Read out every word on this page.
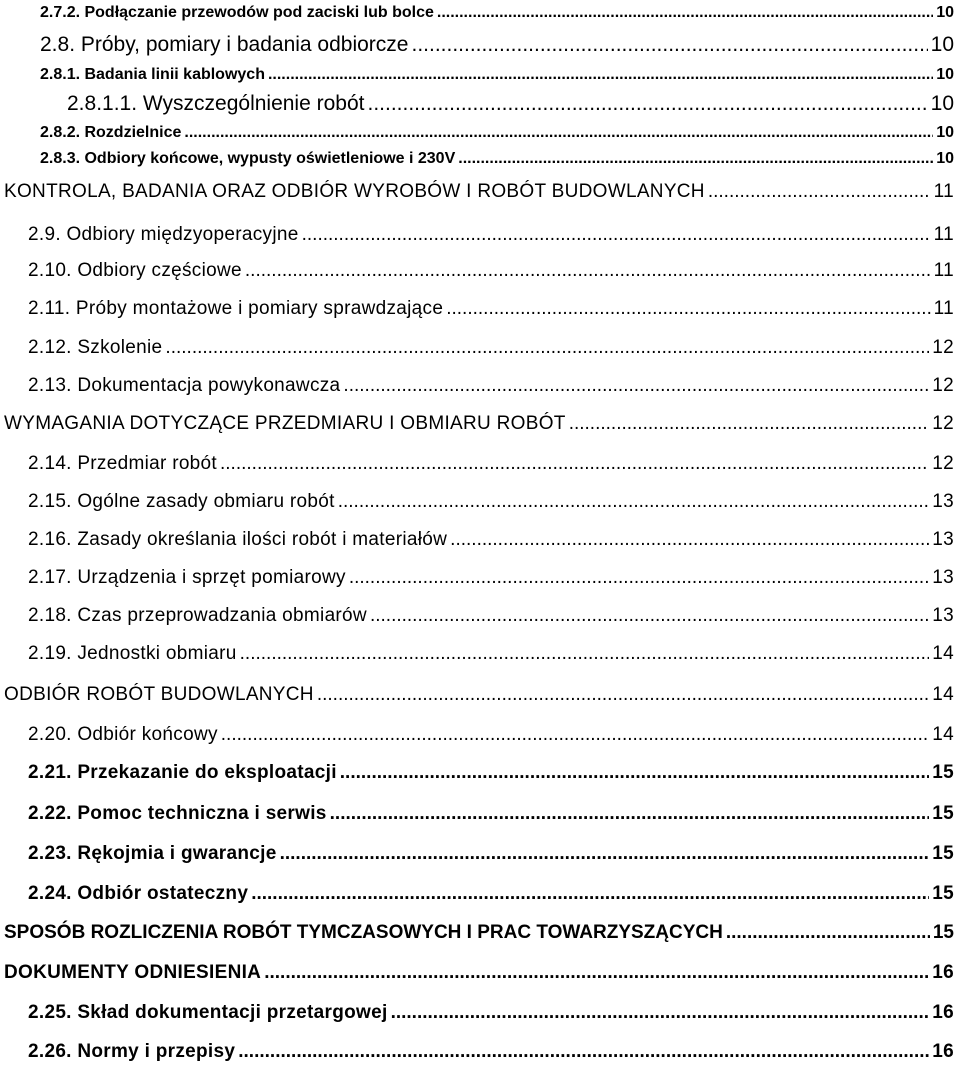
2.7.2. Podłączanie przewodów pod zaciski lub bolce .....	10
2.8. Próby, pomiary i badania odbiorcze .....	10
2.8.1. Badania linii kablowych .....	10
2.8.1.1. Wyszczególnienie robót .....	10
2.8.2. Rozdzielnice .....	10
2.8.3. Odbiory końcowe, wypusty oświetleniowe i 230V .....	10
KONTROLA, BADANIA ORAZ ODBIÓR WYROBÓW I ROBÓT BUDOWLANYCH .....	11
2.9. Odbiory międzyoperacyjne .....	11
2.10. Odbiory częściowe .....	11
2.11. Próby montażowe i pomiary sprawdzające .....	11
2.12. Szkolenie .....	12
2.13. Dokumentacja powykonawcza .....	12
WYMAGANIA DOTYCZĄCE PRZEDMIARU I OBMIARU ROBÓT .....	12
2.14. Przedmiar robót .....	12
2.15. Ogólne zasady obmiaru robót .....	13
2.16. Zasady określania ilości robót i materiałów .....	13
2.17. Urządzenia i sprzęt pomiarowy .....	13
2.18. Czas przeprowadzania obmiarów .....	13
2.19. Jednostki obmiaru .....	14
ODBIÓR ROBÓT BUDOWLANYCH .....	14
2.20. Odbiór końcowy .....	14
2.21. Przekazanie do eksploatacji .....	15
2.22. Pomoc techniczna i serwis .....	15
2.23. Rękojmia i gwarancje .....	15
2.24. Odbiór ostateczny .....	15
SPOSÓB ROZLICZENIA ROBÓT TYMCZASOWYCH I PRAC TOWARZYSZĄCYCH .....	15
DOKUMENTY ODNIESIENIA .....	16
2.25. Skład dokumentacji przetargowej .....	16
2.26. Normy i przepisy .....	16
